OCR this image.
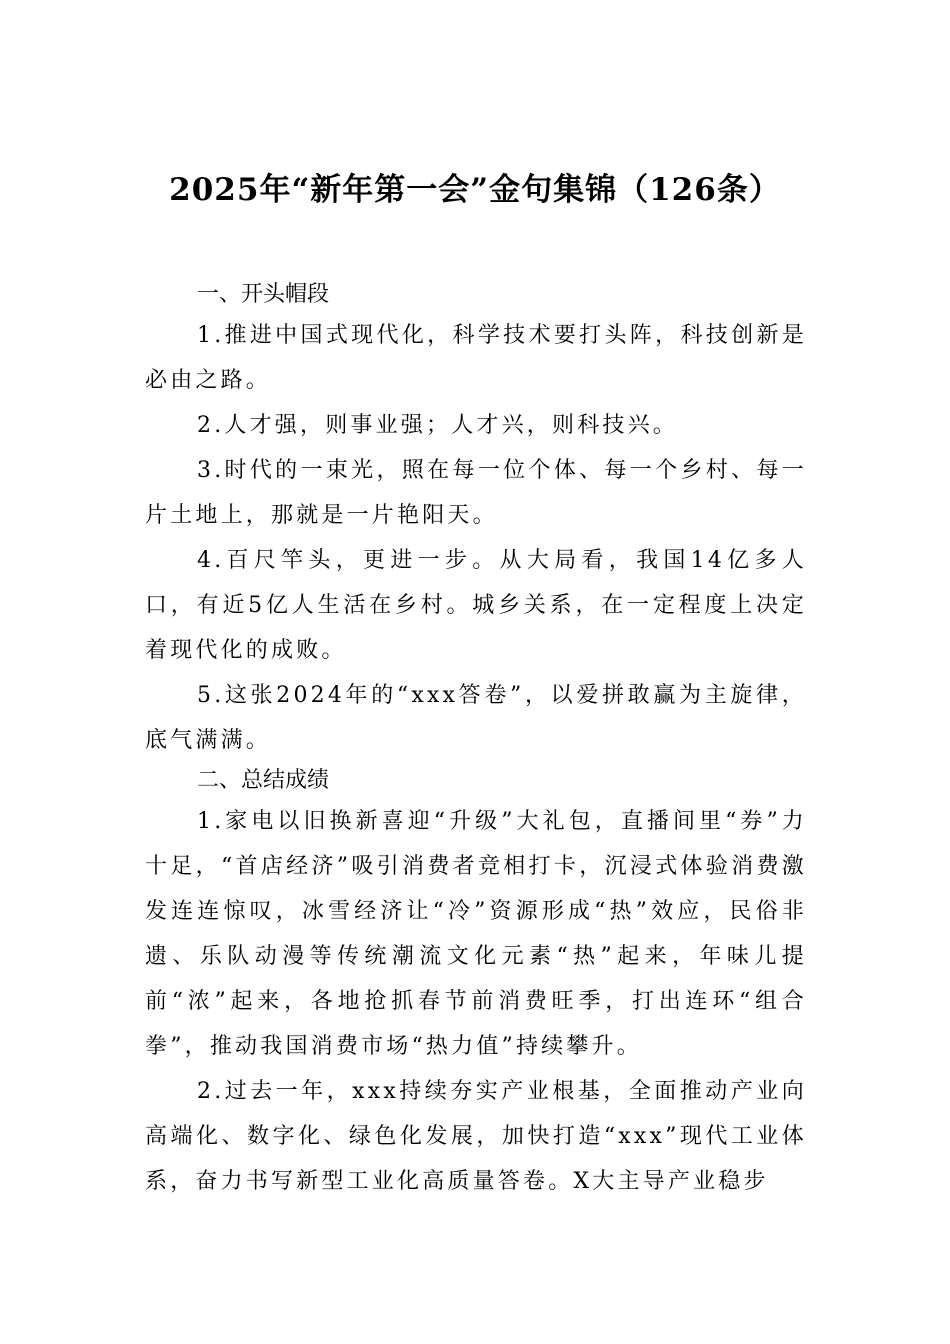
2025年“新年第一会”金句集锦（126条）
一、开头帽段

1.推进中国式现代化，科学技术要打头阵，科技创新是必由之路。

2.人才强，则事业强；人才兴，则科技兴。

3.时代的一束光，照在每一位个体、每一个乡村、每一片土地上，那就是一片艳阳天。

4.百尺竿头，更进一步。从大局看，我国14亿多人口，有近5亿人生活在乡村。城乡关系，在一定程度上决定着现代化的成败。

5.这张2024年的“xxx答卷”，以爱拼敢赢为主旋律，底气满满。

二、总结成绩

1.家电以旧换新喜迎“升级”大礼包，直播间里“券”力十足，“首店经济”吸引消费者竞相打卡，沉浸式体验消费激发连连惊叹，冰雪经济让“冷”资源形成“热”效应，民俗非遗、乐队动漫等传统潮流文化元素“热”起来，年味儿提前“浓”起来，各地抢抓春节前消费旺季，打出连环“组合拳”，推动我国消费市场“热力值”持续攀升。

2.过去一年，xxx持续夯实产业根基，全面推动产业向高端化、数字化、绿色化发展，加快打造“xxx”现代工业体系，奋力书写新型工业化高质量答卷。X大主导产业稳步
